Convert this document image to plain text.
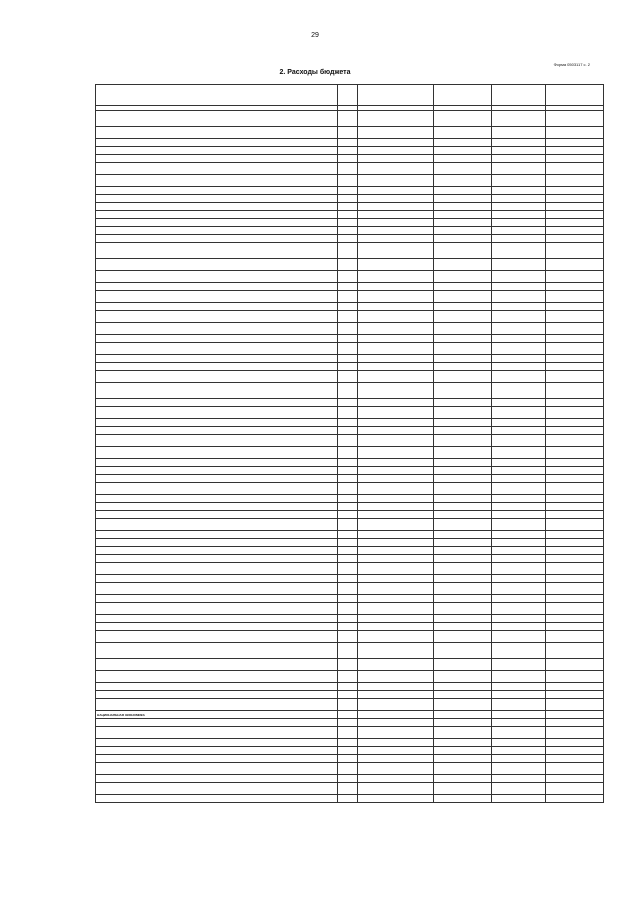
29
Форма 0503117 с. 2
2. Расходы бюджета

НАЦИОНАЛЬНАЯ ЭКОНОМИКА					
